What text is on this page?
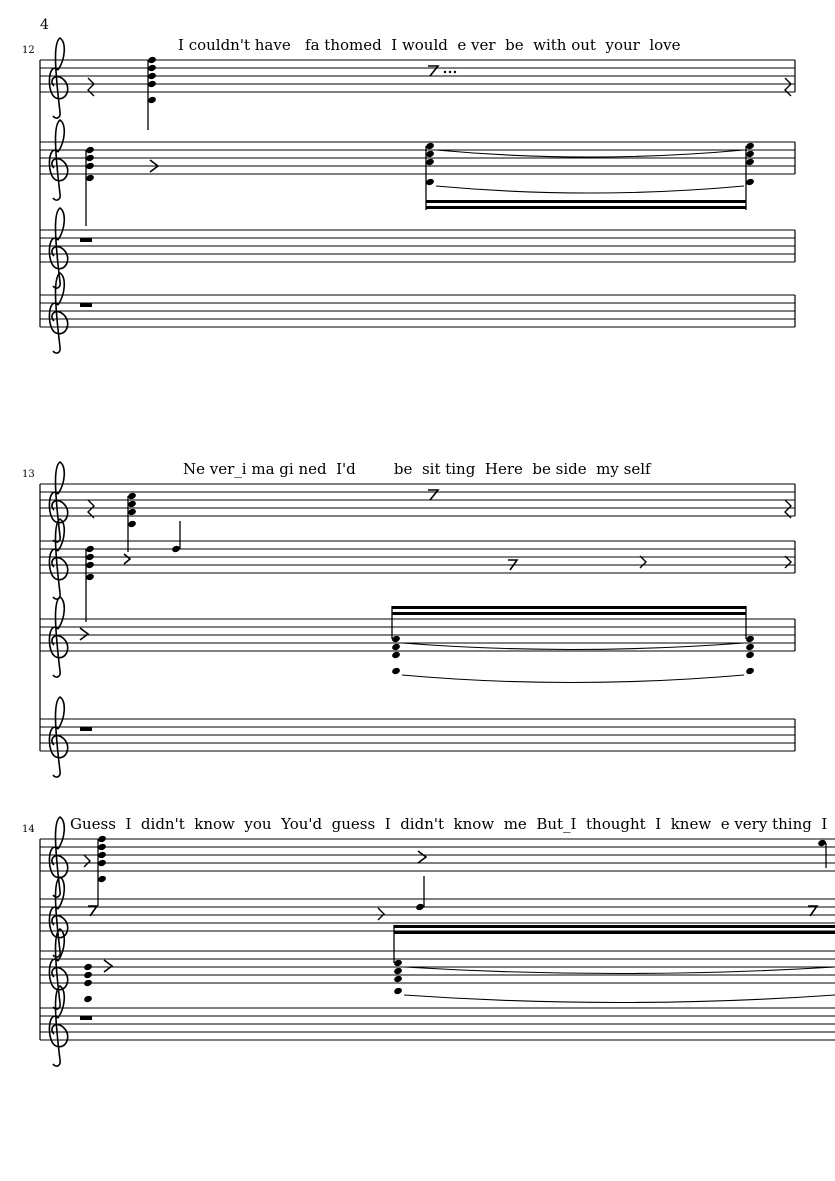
4
12	I couldn't have   fa thomed  I would  e ver  be  with out  your  love
13	Ne ver_i ma gi ned  I'd        be  sit ting  Here  be side  my self
14 Guess  I  didn't  know  you  You'd  guess  I  didn't  know  me  But_I  thought  I  knew  e very thing  I
